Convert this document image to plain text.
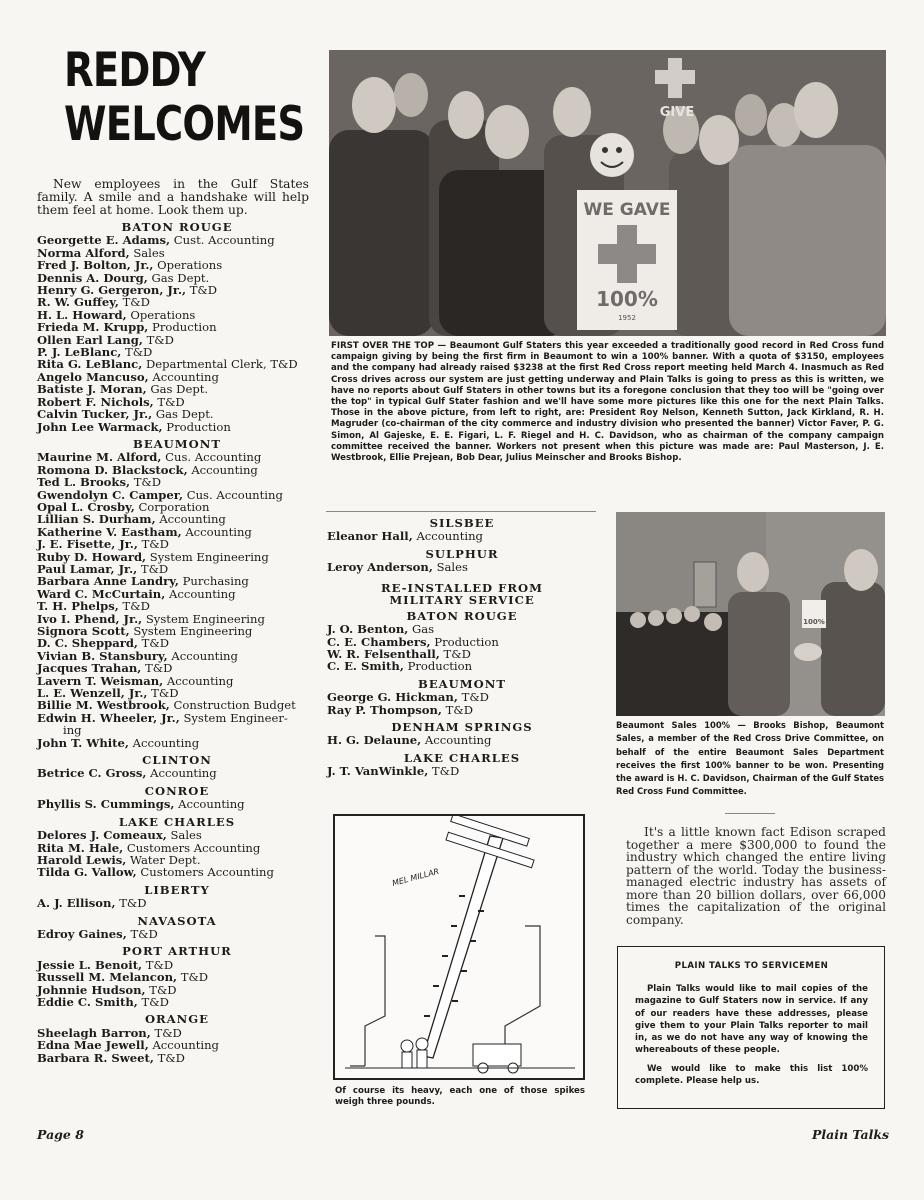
REDDY
WELCOMES
New employees in the Gulf States family. A smile and a handshake will help them feel at home. Look them up.
BATON ROUGE
Georgette E. Adams, Cust. Accounting
Norma Alford, Sales
Fred J. Bolton, Jr., Operations
Dennis A. Dourg, Gas Dept.
Henry G. Gergeron, Jr., T&D
R. W. Guffey, T&D
H. L. Howard, Operations
Frieda M. Krupp, Production
Ollen Earl Lang, T&D
P. J. LeBlanc, T&D
Rita G. LeBlanc, Departmental Clerk, T&D
Angelo Mancuso, Accounting
Batiste J. Moran, Gas Dept.
Robert F. Nichols, T&D
Calvin Tucker, Jr., Gas Dept.
John Lee Warmack, Production
BEAUMONT
Maurine M. Alford, Cus. Accounting
Romona D. Blackstock, Accounting
Ted L. Brooks, T&D
Gwendolyn C. Camper, Cus. Accounting
Opal L. Crosby, Corporation
Lillian S. Durham, Accounting
Katherine V. Eastham, Accounting
J. E. Fisette, Jr., T&D
Ruby D. Howard, System Engineering
Paul Lamar, Jr., T&D
Barbara Anne Landry, Purchasing
Ward C. McCurtain, Accounting
T. H. Phelps, T&D
Ivo I. Phend, Jr., System Engineering
Signora Scott, System Engineering
D. C. Sheppard, T&D
Vivian B. Stansbury, Accounting
Jacques Trahan, T&D
Lavern T. Weisman, Accounting
L. E. Wenzell, Jr., T&D
Billie M. Westbrook, Construction Budget
Edwin H. Wheeler, Jr., System Engineer-
ing
John T. White, Accounting
CLINTON
Betrice C. Gross, Accounting
CONROE
Phyllis S. Cummings, Accounting
LAKE CHARLES
Delores J. Comeaux, Sales
Rita M. Hale, Customers Accounting
Harold Lewis, Water Dept.
Tilda G. Vallow, Customers Accounting
LIBERTY
A. J. Ellison, T&D
NAVASOTA
Edroy Gaines, T&D
PORT ARTHUR
Jessie L. Benoit, T&D
Russell M. Melancon, T&D
Johnnie Hudson, T&D
Eddie C. Smith, T&D
ORANGE
Sheelagh Barron, T&D
Edna Mae Jewell, Accounting
Barbara R. Sweet, T&D
WE GAVE
100%
1952
GIVE
FIRST OVER THE TOP — Beaumont Gulf Staters this year exceeded a traditionally good record in Red Cross fund campaign giving by being the first firm in Beaumont to win a 100% banner. With a quota of $3150, employees and the company had already raised $3238 at the first Red Cross report meeting held March 4. Inasmuch as Red Cross drives across our system are just getting underway and Plain Talks is going to press as this is written, we have no reports about Gulf Staters in other towns but its a foregone conclusion that they too will be "going over the top" in typical Gulf Stater fashion and we'll have some more pictures like this one for the next Plain Talks. Those in the above picture, from left to right, are: President Roy Nelson, Kenneth Sutton, Jack Kirkland, R. H. Magruder (co-chairman of the city commerce and industry division who presented the banner) Victor Faver, P. G. Simon, Al Gajeske, E. E. Figari, L. F. Riegel and H. C. Davidson, who as chairman of the company campaign committee received the banner. Workers not present when this picture was made are: Paul Masterson, J. E. Westbrook, Ellie Prejean, Bob Dear, Julius Meinscher and Brooks Bishop.
SILSBEE
Eleanor Hall, Accounting
SULPHUR
Leroy Anderson, Sales
RE-INSTALLED FROM
MILITARY SERVICE
BATON ROUGE
J. O. Benton, Gas
C. E. Chambers, Production
W. R. Felsenthall, T&D
C. E. Smith, Production
BEAUMONT
George G. Hickman, T&D
Ray P. Thompson, T&D
DENHAM SPRINGS
H. G. Delaune, Accounting
LAKE CHARLES
J. T. VanWinkle, T&D
100%
Beaumont Sales 100% — Brooks Bishop, Beaumont Sales, a member of the Red Cross Drive Committee, on behalf of the entire Beaumont Sales Department receives the first 100% banner to be won. Presenting the award is H. C. Davidson, Chairman of the Gulf States Red Cross Fund Committee.
It's a little known fact Edison scraped together a mere $300,000 to found the industry which changed the entire living pattern of the world. Today the business-managed electric industry has assets of more than 20 billion dollars, over 66,000 times the capitalization of the original company.
MEL MILLAR
Of course its heavy, each one of those spikes weigh three pounds.
PLAIN TALKS TO SERVICEMEN

Plain Talks would like to mail copies of the magazine to Gulf Staters now in service. If any of our readers have these addresses, please give them to your Plain Talks reporter to mail in, as we do not have any way of knowing the whereabouts of these people.

We would like to make this list 100% complete. Please help us.

Page 8	Plain Talks
